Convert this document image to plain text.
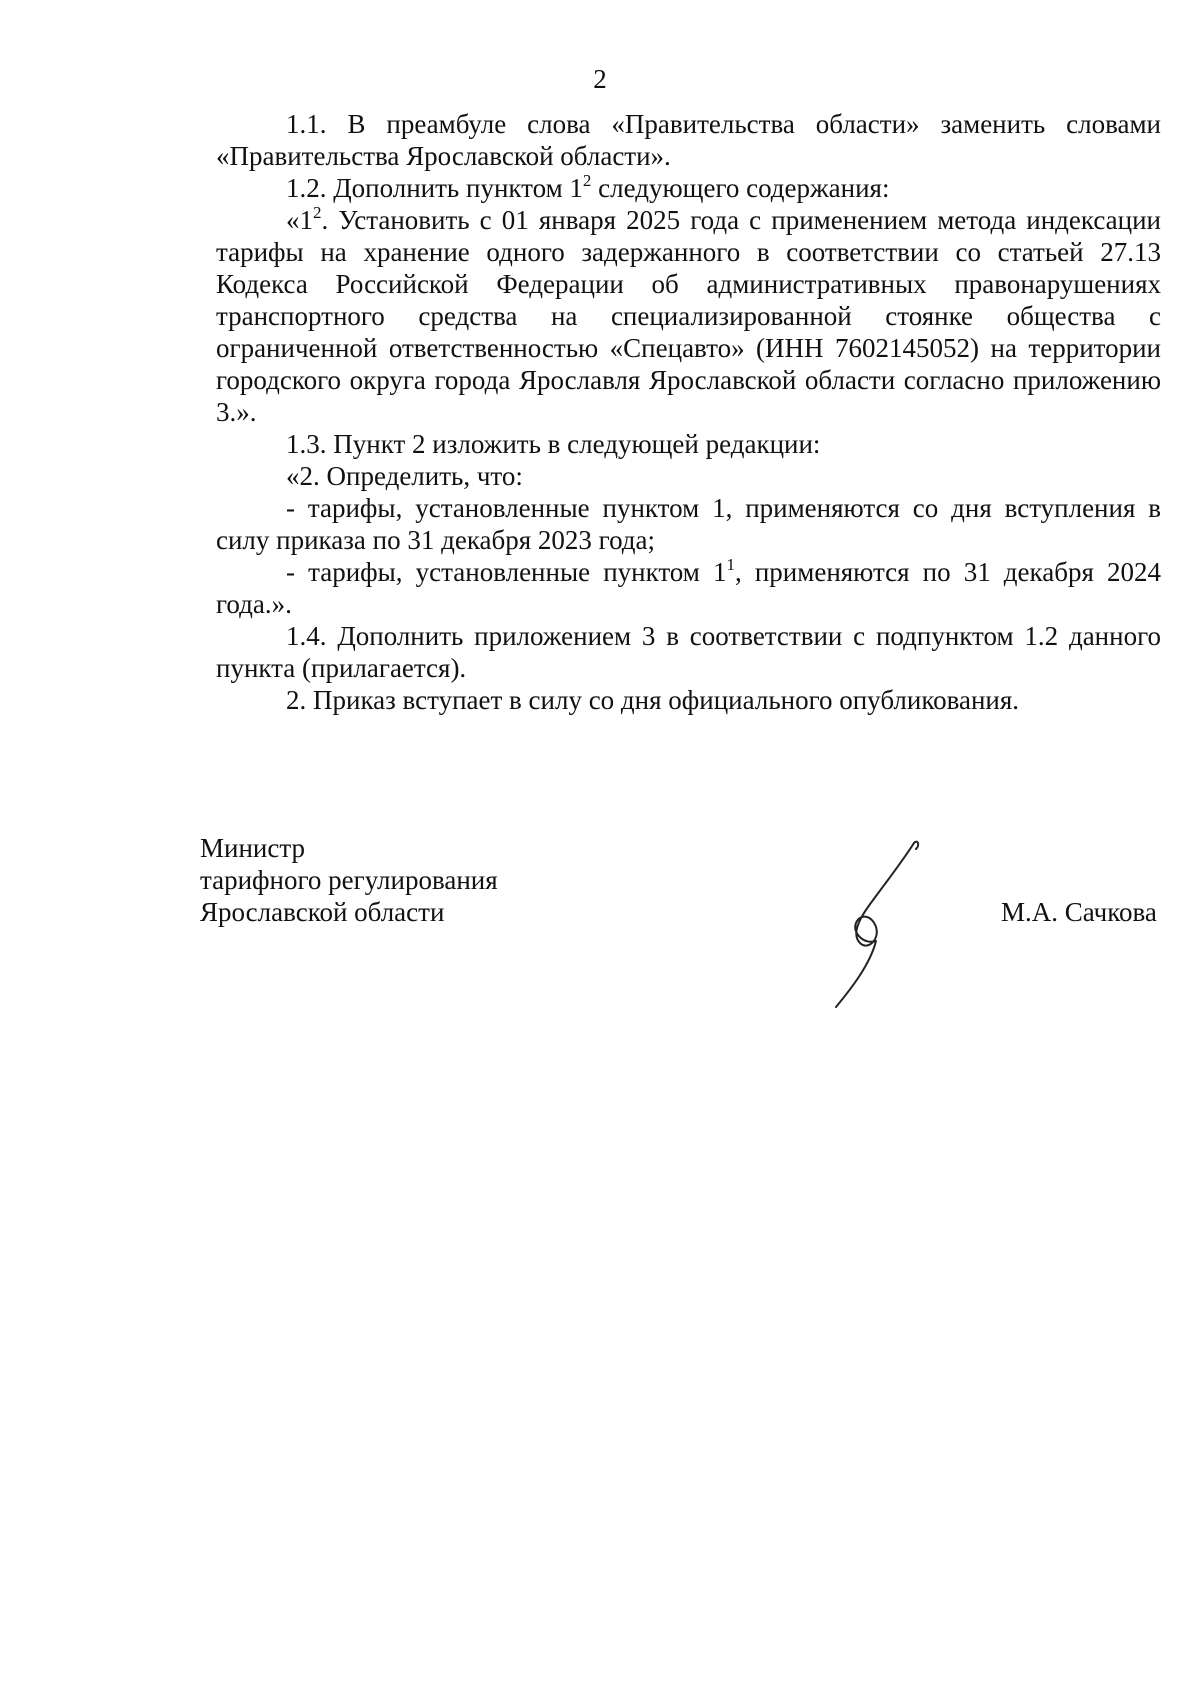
2

1.1. В преамбуле слова «Правительства области» заменить словами «Правительства Ярославской области».

1.2. Дополнить пунктом $1^2$ следующего содержания:

«$1^2$. Установить с 01 января 2025 года с применением метода индексации тарифы на хранение одного задержанного в соответствии со статьей 27.13 Кодекса Российской Федерации об административных правонарушениях транспортного средства на специализированной стоянке общества с ограниченной ответственностью «Спецавто» (ИНН 7602145052) на территории городского округа города Ярославля Ярославской области согласно приложению 3.».

1.3. Пункт 2 изложить в следующей редакции:

«2. Определить, что:

- тарифы, установленные пунктом 1, применяются со дня вступления в силу приказа по 31 декабря 2023 года;

- тарифы, установленные пунктом $1^1$, применяются по 31 декабря 2024 года.».

1.4. Дополнить приложением 3 в соответствии с подпунктом 1.2 данного пункта (прилагается).

2. Приказ вступает в силу со дня официального опубликования.

Министр
тарифного регулирования
Ярославской области	М.А. Сачкова
